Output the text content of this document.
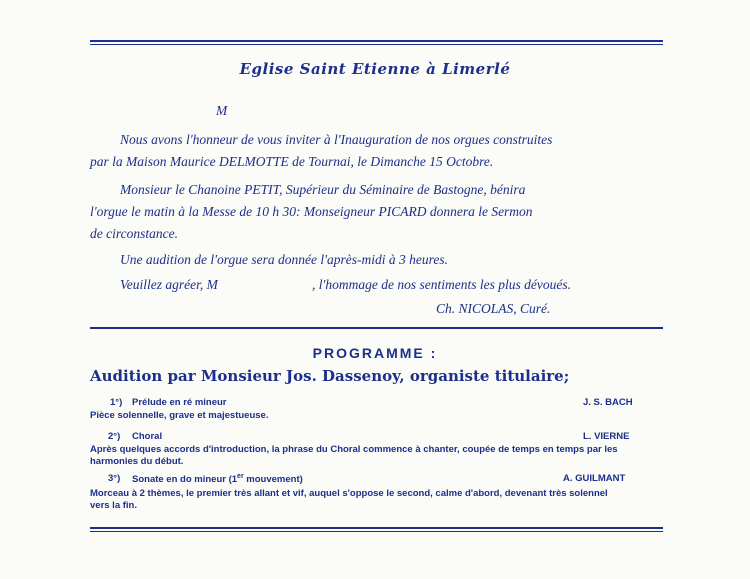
Eglise Saint Etienne à Limerlé
M
Nous avons l'honneur de vous inviter à l'Inauguration de nos orgues construites
par la Maison Maurice DELMOTTE de Tournai, le Dimanche 15 Octobre.
Monsieur le Chanoine PETIT, Supérieur du Séminaire de Bastogne, bénira
l'orgue le matin à la Messe de 10 h 30: Monseigneur PICARD donnera le Sermon
de circonstance.
Une audition de l'orgue sera donnée l'après-midi à 3 heures.
Veuillez agréer, M	, l'hommage de nos sentiments les plus dévoués.
Ch. NICOLAS, Curé.
PROGRAMME :
Audition par Monsieur Jos. Dassenoy, organiste titulaire;
1°) Prélude en ré mineur	J. S. BACH
Pièce solennelle, grave et majestueuse.
2°) Choral	L. VIERNE
Après quelques accords d'introduction, la phrase du Choral commence à chanter, coupée de temps en temps par les
harmonies du début.
3°) Sonate en do mineur (1er mouvement)	A. GUILMANT
Morceau à 2 thèmes, le premier très allant et vif, auquel s'oppose le second, calme d'abord, devenant très solennel
vers la fin.
